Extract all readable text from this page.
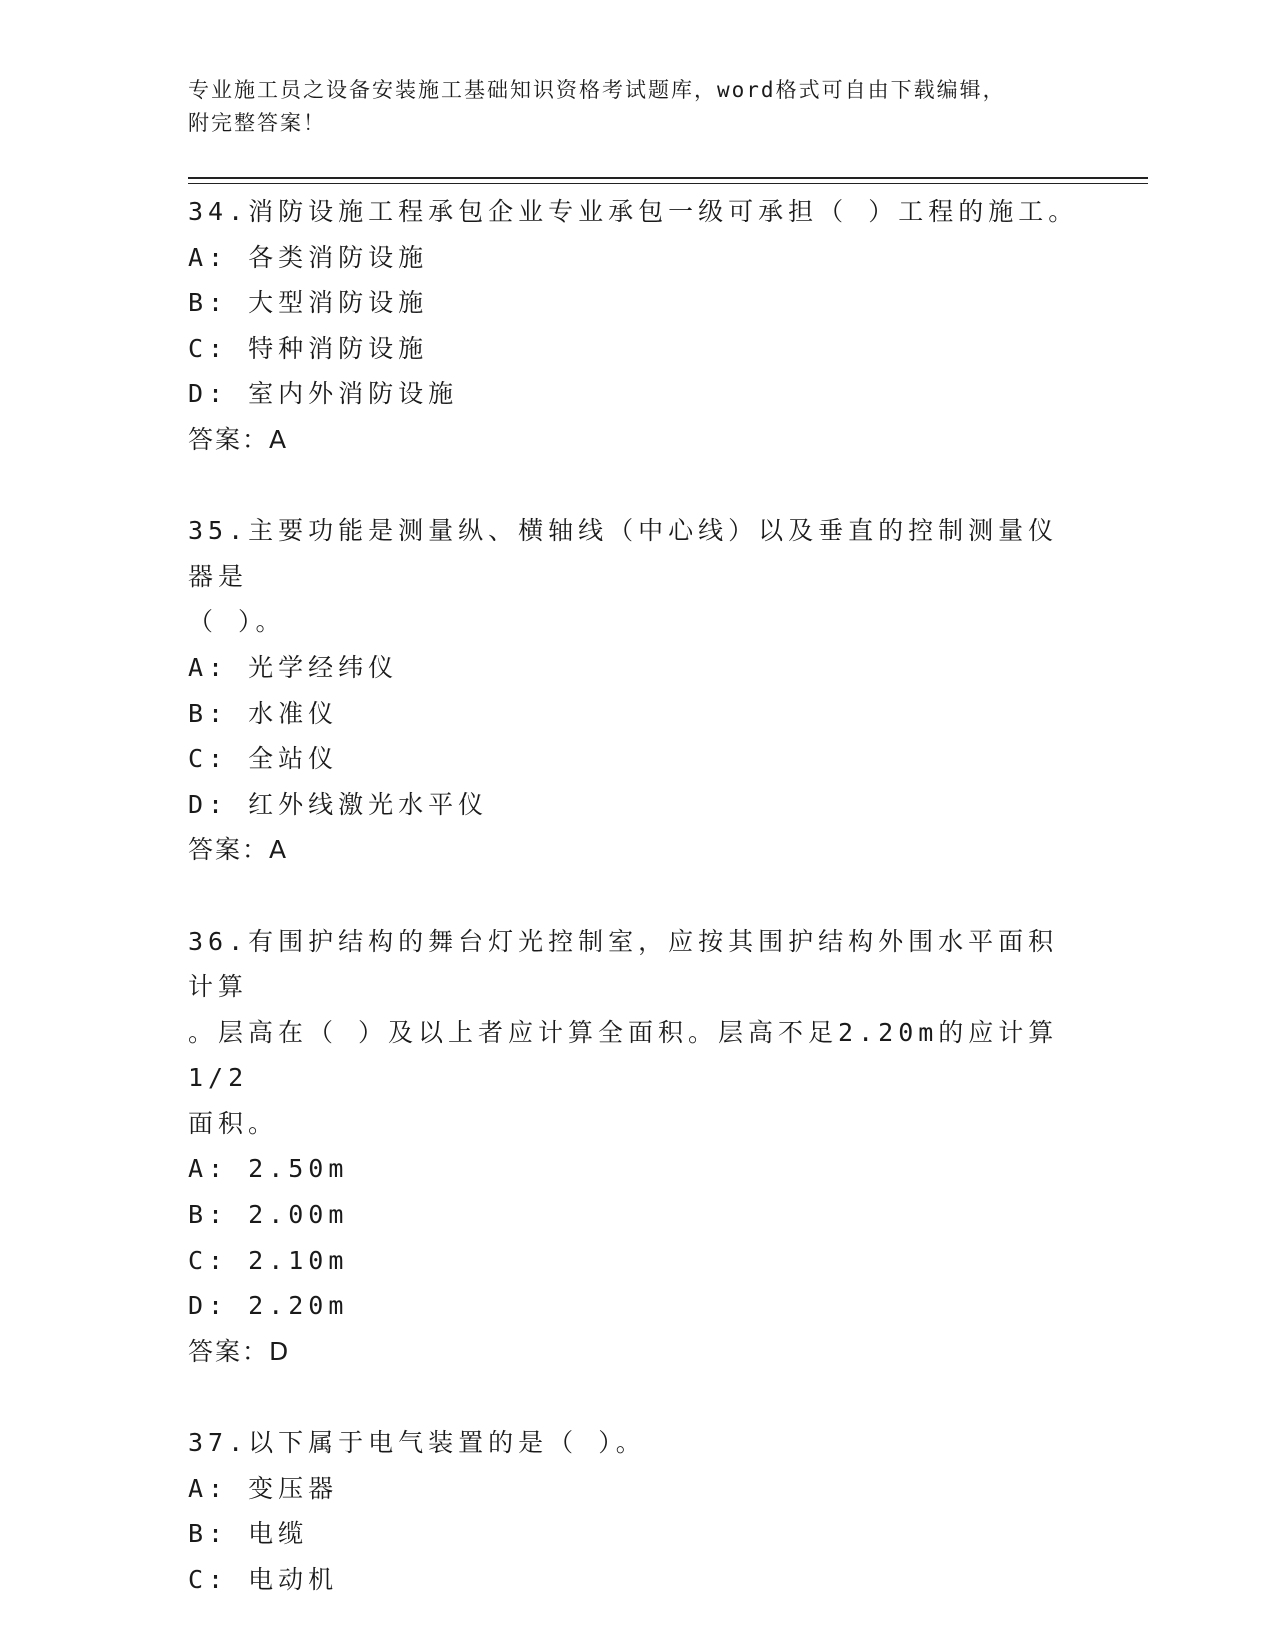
专业施工员之设备安装施工基础知识资格考试题库，word格式可自由下载编辑，
附完整答案！
34.消防设施工程承包企业专业承包一级可承担（ ）工程的施工。
A: 各类消防设施
B: 大型消防设施
C: 特种消防设施
D: 室内外消防设施
答案：A
35.主要功能是测量纵、横轴线（中心线）以及垂直的控制测量仪器是
（ ）。
A: 光学经纬仪
B: 水准仪
C: 全站仪
D: 红外线激光水平仪
答案：A
36.有围护结构的舞台灯光控制室，应按其围护结构外围水平面积计算
。层高在（ ）及以上者应计算全面积。层高不足2.20m的应计算1/2
面积。
A: 2.50m
B: 2.00m
C: 2.10m
D: 2.20m
答案：D
37.以下属于电气装置的是（ ）。
A: 变压器
B: 电缆
C: 电动机
